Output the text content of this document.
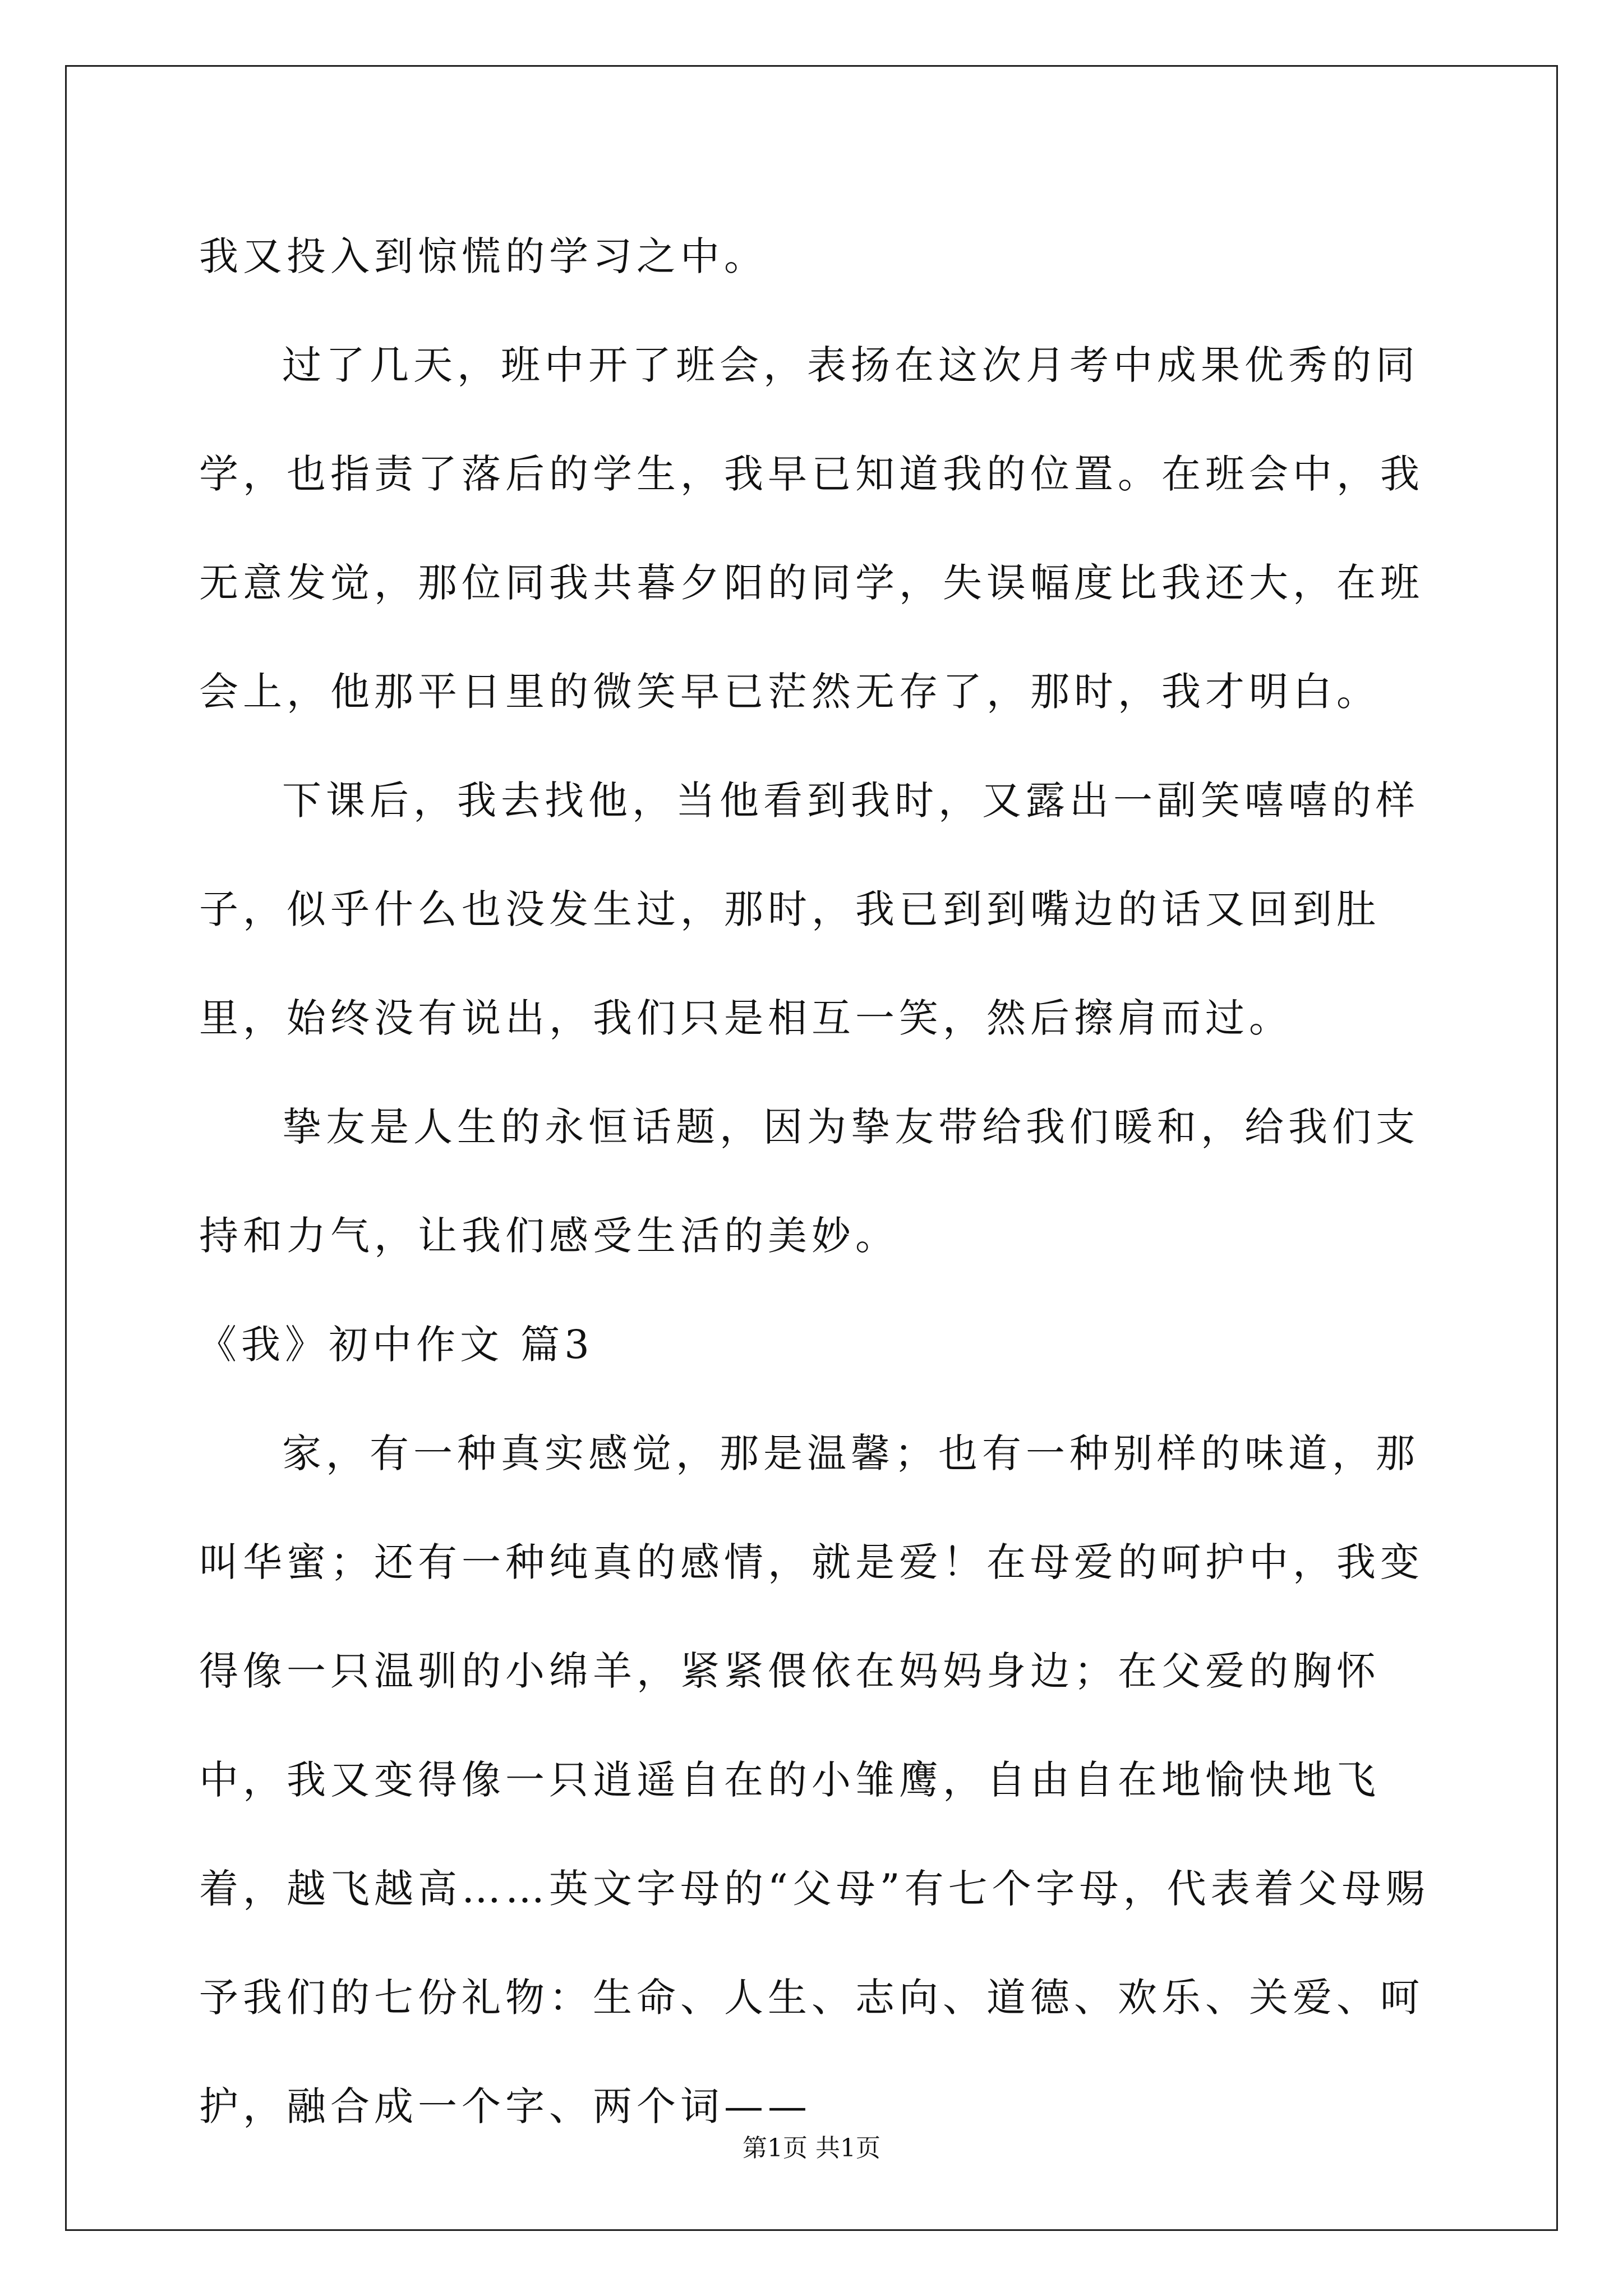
我又投入到惊慌的学习之中。

过了几天，班中开了班会，表扬在这次月考中成果优秀的同学，也指责了落后的学生，我早已知道我的位置。在班会中，我无意发觉，那位同我共暮夕阳的同学，失误幅度比我还大，在班会上，他那平日里的微笑早已茫然无存了，那时，我才明白。

下课后，我去找他，当他看到我时，又露出一副笑嘻嘻的样子，似乎什么也没发生过，那时，我已到到嘴边的话又回到肚里，始终没有说出，我们只是相互一笑，然后擦肩而过。

挚友是人生的永恒话题，因为挚友带给我们暖和，给我们支持和力气，让我们感受生活的美妙。

《我》初中作文 篇3

家，有一种真实感觉，那是温馨；也有一种别样的味道，那叫华蜜；还有一种纯真的感情，就是爱！在母爱的呵护中，我变得像一只温驯的小绵羊，紧紧偎依在妈妈身边；在父爱的胸怀中，我又变得像一只逍遥自在的小雏鹰，自由自在地愉快地飞着，越飞越高……英文字母的“父母”有七个字母，代表着父母赐予我们的七份礼物：生命、人生、志向、道德、欢乐、关爱、呵护，融合成一个字、两个词——

第1页 共1页
